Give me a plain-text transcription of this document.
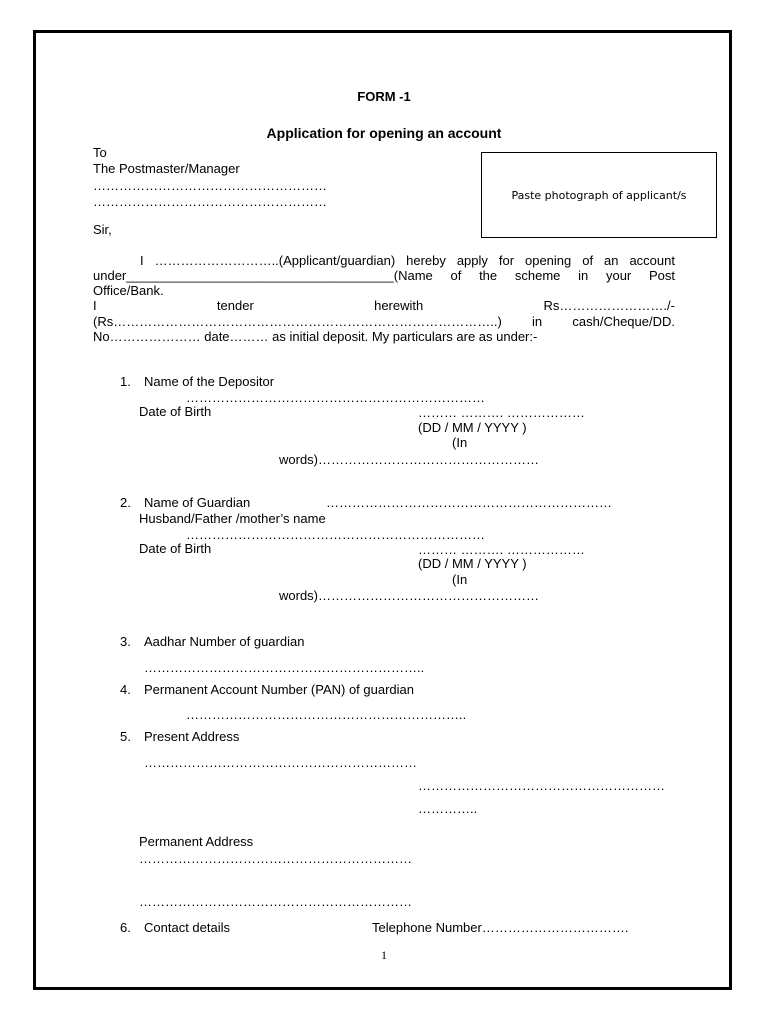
FORM -1
Application for opening an account
To
The Postmaster/Manager
………………………………………………
………………………………………………	Paste photograph of applicant/s
Sir,
I ………………………..(Applicant/guardian) hereby apply for opening of an account
under_____________________________________(Name of the scheme in your Post
Office/Bank.
I	tender	herewith	Rs……………………./-
(Rs……………………………………………………………………………..) in cash/Cheque/DD.
No………………… date……… as initial deposit. My particulars are as under:-
1. Name of the Depositor
……………………………………………………………
Date of Birth	……… ………. ………………
(DD / MM / YYYY )
(In
words)……………………………………………
2. Name of Guardian	…………………………………………………………
Husband/Father /mother’s name
……………………………………………………………
Date of Birth	……… ………. ………………
(DD / MM / YYYY )
(In
words)……………………………………………
3. Aadhar Number of guardian
………………………………………………………..
4. Permanent Account Number (PAN) of guardian
………………………………………………………..
5. Present Address
………………………………………………………
…………………………………………………
…………..
Permanent Address
………………………………………………………
………………………………………………………
6. Contact details	Telephone Number…………………………….
1
